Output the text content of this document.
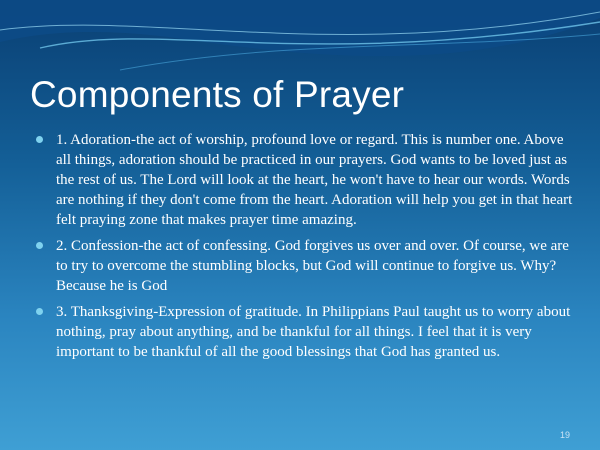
Components of Prayer
1. Adoration-the act of worship, profound love or regard. This is number one. Above all things, adoration should be practiced in our prayers. God wants to be loved just as the rest of us. The Lord will look at the heart, he won't have to hear our words. Words are nothing if they don't come from the heart. Adoration will help you get in that heart felt praying zone that makes prayer time amazing.
2. Confession-the act of confessing. God forgives us over and over. Of course, we are to try to overcome the stumbling blocks, but God will continue to forgive us. Why? Because he is God
3. Thanksgiving-Expression of gratitude. In Philippians Paul taught us to worry about nothing, pray about anything, and be thankful for all things. I feel that it is very important to be thankful of all the good blessings that God has granted us.
19
